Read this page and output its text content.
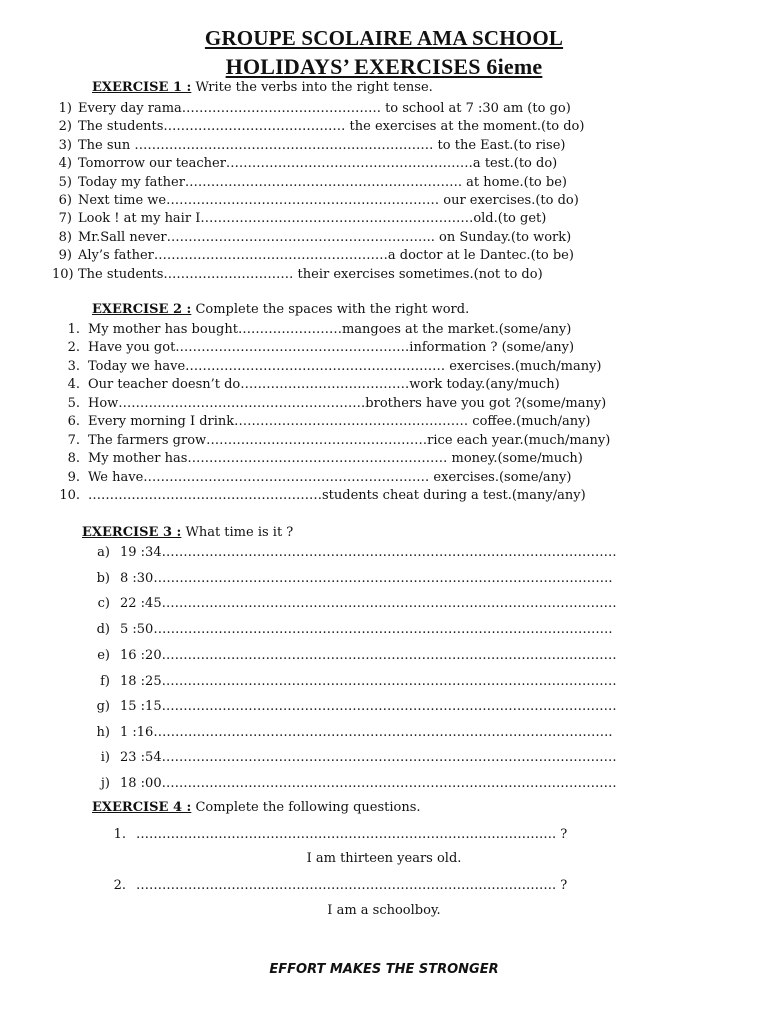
GROUPE SCOLAIRE AMA SCHOOL
HOLIDAYS’ EXERCISES 6ieme
EXERCISE 1 : Write the verbs into the right tense.
1) Every day rama………………………………………. to school at 7 :30 am (to go)
2) The students…………………………………… the exercises at the moment.(to do)
3) The sun …………………………………………………………… to the East.(to rise)
4) Tomorrow our teacher…………………………………………………a test.(to do)
5) Today my father………………………………………………………. at home.(to be)
6) Next time we……………………………………………………… our exercises.(to do)
7) Look ! at my hair I………………………………………………………old.(to get)
8) Mr.Sall never…………………………………………………….. on Sunday.(to work)
9) Aly’s father………………………………………………a doctor at le Dantec.(to be)
10) The students………………………… their exercises sometimes.(not to do)
EXERCISE 2 : Complete the spaces with the right word.
1. My mother has bought……………………mangoes at the market.(some/any)
2. Have you got………………………………………………information ? (some/any)
3. Today we have…………………………………………………… exercises.(much/many)
4. Our teacher doesn’t do…………………………………work today.(any/much)
5. How…………………………………………………brothers have you got ?(some/many)
6. Every morning I drink……………………………………………… coffee.(much/any)
7. The farmers grow……………………………………………rice each year.(much/many)
8. My mother has…………………………………………………… money.(some/much)
9. We have………………………………………………………… exercises.(some/any)
10. ………………………………………………students cheat during a test.(many/any)
EXERCISE 3 : What time is it ?
a) 19 :34……………………………………………………………………………………………
b) 8 :30…………………………………………………………………………………………….
c) 22 :45……………………………………………………………………………………………
d) 5 :50…………………………………………………………………………………………….
e) 16 :20……………………………………………………………………………………………
f) 18 :25……………………………………………………………………………………………
g) 15 :15……………………………………………………………………………………………
h) 1 :16…………………………………………………………………………………………….
i) 23 :54……………………………………………………………………………………………
j) 18 :00……………………………………………………………………………………………
EXERCISE 4 : Complete the following questions.
1. ……………………………………………………………………………………. ?
I am thirteen years old.
2. ……………………………………………………………………………………. ?
I am a schoolboy.
EFFORT MAKES THE STRONGER
